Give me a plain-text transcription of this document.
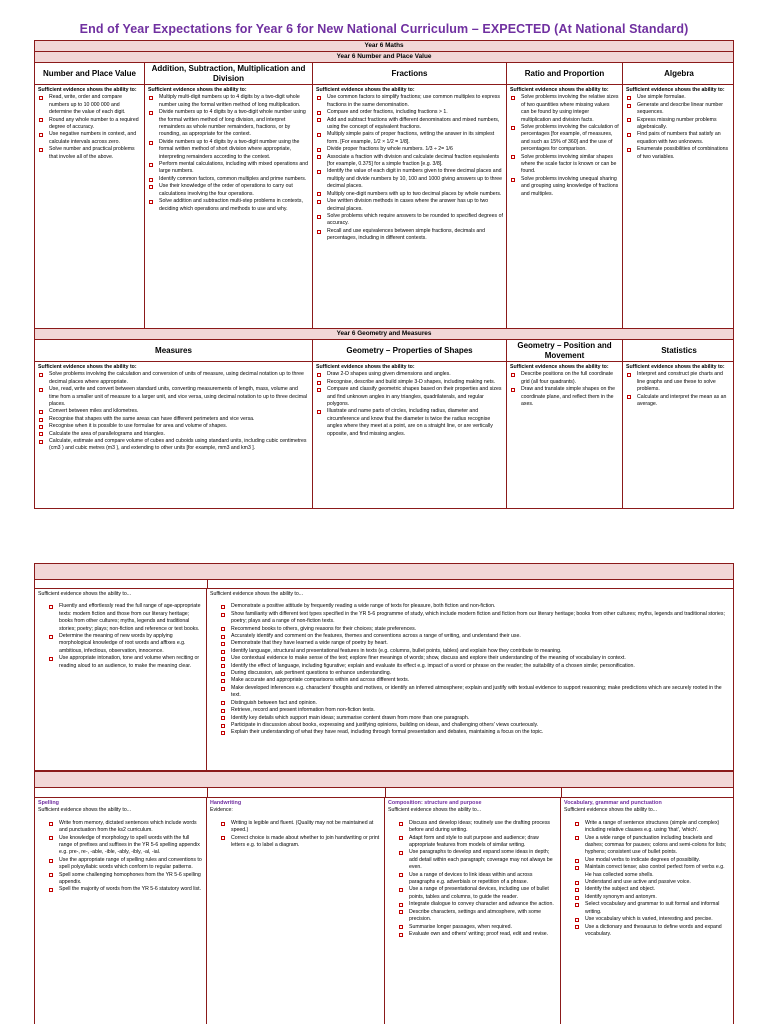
End of Year Expectations for Year 6 for New National Curriculum – EXPECTED (At National Standard)
Year 6 Maths
Year 6 Number and Place Value
Number and Place Value
Sufficient evidence shows the ability to:
Read, write, order and compare numbers up to 10 000 000 and determine the value of each digit.
Round any whole number to a required degree of accuracy.
Use negative numbers in context, and calculate intervals across zero.
Solve number and practical problems that involve all of the above.
Addition, Subtraction, Multiplication and Division
Sufficient evidence shows the ability to:
Multiply multi-digit numbers up to 4 digits by a two-digit whole number using the formal written method of long multiplication.
Divide numbers up to 4 digits by a two-digit whole number using the formal written method of long division, and interpret remainders as whole number remainders, fractions, or by rounding, as appropriate for the context.
Divide numbers up to 4 digits by a two-digit number using the formal written method of short division where appropriate, interpreting remainders according to the context.
Perform mental calculations, including with mixed operations and large numbers.
Identify common factors, common multiples and prime numbers.
Use their knowledge of the order of operations to carry out calculations involving the four operations.
Solve addition and subtraction multi-step problems in contexts, deciding which operations and methods to use and why.
Fractions
Sufficient evidence shows the ability to:
Use common factors to simplify fractions; use common multiples to express fractions in the same denomination.
Compare and order fractions, including fractions > 1.
Add and subtract fractions with different denominators and mixed numbers, using the concept of equivalent fractions.
Multiply simple pairs of proper fractions, writing the answer in its simplest form. [For example, 1/2 × 1/2 = 1/8].
Divide proper fractions by whole numbers. 1/3 ÷ 2= 1/6
Associate a fraction with division and calculate decimal fraction equivalents [for example, 0.375] for a simple fraction [e.g. 3/8].
Identify the value of each digit in numbers given to three decimal places and multiply and divide numbers by 10, 100 and 1000 giving answers up to three decimal places.
Multiply one-digit numbers with up to two decimal places by whole numbers.
Use written division methods in cases where the answer has up to two decimal places.
Solve problems which require answers to be rounded to specified degrees of accuracy.
Recall and use equivalences between simple fractions, decimals and percentages, including in different contexts.
Ratio and Proportion
Sufficient evidence shows the ability to:
Solve problems involving the relative sizes of two quantities where missing values can be found by using integer multiplication and division facts.
Solve problems involving the calculation of percentages [for example, of measures, and such as 15% of 360] and the use of percentages for comparison.
Solve problems involving similar shapes where the scale factor is known or can be found.
Solve problems involving unequal sharing and grouping using knowledge of fractions and multiples.
Algebra
Sufficient evidence shows the ability to:
Use simple formulae.
Generate and describe linear number sequences.
Express missing number problems algebraically.
Find pairs of numbers that satisfy an equation with two unknowns.
Enumerate possibilities of combinations of two variables.
Year 6 Geometry and Measures
Measures
Sufficient evidence shows the ability to:
Solve problems involving the calculation and conversion of units of measure, using decimal notation up to three decimal places where appropriate.
Use, read, write and convert between standard units, converting measurements of length, mass, volume and time from a smaller unit of measure to a larger unit, and vice versa, using decimal notation to up to three decimal places.
Convert between miles and kilometres.
Recognise that shapes with the same areas can have different perimeters and vice versa.
Recognise when it is possible to use formulae for area and volume of shapes.
Calculate the area of parallelograms and triangles.
Calculate, estimate and compare volume of cubes and cuboids using standard units, including cubic centimetres (cm3 ) and cubic metres (m3 ), and extending to other units [for example, mm3 and km3 ].
Geometry – Properties of Shapes
Sufficient evidence shows the ability to:
Draw 2-D shapes using given dimensions and angles.
Recognise, describe and build simple 3-D shapes, including making nets.
Compare and classify geometric shapes based on their properties and sizes and find unknown angles in any triangles, quadrilaterals, and regular polygons.
Illustrate and name parts of circles, including radius, diameter and circumference and know that the diameter is twice the radius recognise angles where they meet at a point, are on a straight line, or are vertically opposite, and find missing angles.
Geometry – Position and Movement
Sufficient evidence shows the ability to:
Describe positions on the full coordinate grid (all four quadrants).
Draw and translate simple shapes on the coordinate plane, and reflect them in the axes.
Statistics
Sufficient evidence shows the ability to:
Interpret and construct pie charts and line graphs and use these to solve problems.
Calculate and interpret the mean as an average.
Sufficient evidence shows the ability to...
Fluently and effortlessly read the full range of age-appropriate texts: modern fiction and those from our literary heritage; books from other cultures; myths, legends and traditional stories; poetry; plays; non-fiction and reference or text books.
Determine the meaning of new words by applying morphological knowledge of root words and affixes e.g. ambitious, infectious, observation, innocence.
Use appropriate intonation, tone and volume when reciting or reading aloud to an audience, to make the meaning clear.
Sufficient evidence shows the ability to...
Demonstrate a positive attitude by frequently reading a wide range of texts for pleasure, both fiction and non-fiction.
Show familiarity with different text types specified in the YR 5-6 programme of study, which include modern fiction and fiction from our literary heritage; books from other cultures; myths, legends and traditional stories; poetry; plays and a range of non-fiction texts.
Recommend books to others, giving reasons for their choices; state preferences.
Accurately identify and comment on the features, themes and conventions across a range of writing, and understand their use.
Demonstrate that they have learned a wide range of poetry by heart.
Identify language, structural and presentational features in texts (e.g. columns, bullet points, tables) and explain how they contribute to meaning.
Use contextual evidence to make sense of the text; explore finer meanings of words; show, discuss and explore their understanding of the meaning of vocabulary in context.
Identify the effect of language, including figurative; explain and evaluate its effect e.g. impact of a word or phrase on the reader; the suitability of a chosen simile; personification.
During discussion, ask pertinent questions to enhance understanding.
Make accurate and appropriate comparisons within and across different texts.
Make developed inferences e.g. characters' thoughts and motives, or identify an inferred atmosphere; explain and justify with textual evidence to support reasoning; make predictions which are securely rooted in the text.
Distinguish between fact and opinion.
Retrieve, record and present information from non-fiction texts.
Identify key details which support main ideas; summarise content drawn from more than one paragraph.
Participate in discussion about books, expressing and justifying opinions, building on ideas, and challenging others' views courteously.
Explain their understanding of what they have read, including through formal presentation and debates, maintaining a focus on the topic.
Spelling
Sufficient evidence shows the ability to...
Write from memory, dictated sentences which include words and punctuation from the ks2 curriculum.
Use knowledge of morphology to spell words with the full range of prefixes and suffixes in the YR 5-6 spelling appendix e.g. pre-, re-, -able, -ible, -ably, -ibly, -al, -ial.
Use the appropriate range of spelling rules and conventions to spell polysyllabic words which conform to regular patterns.
Spell some challenging homophones from the YR 5-6 spelling appendix.
Spell the majority of words from the YR 5-6 statutory word list.
Handwriting
Evidence:
Writing is legible and fluent. (Quality may not be maintained at speed.)
Correct choice is made about whether to join handwriting or print letters e.g. to label a diagram.
Composition: structure and purpose
Sufficient evidence shows the ability to...
Discuss and develop ideas; routinely use the drafting process before and during writing.
Adapt form and style to suit purpose and audience; draw appropriate features from models of similar writing.
Use paragraphs to develop and expand some ideas in depth; add detail within each paragraph; coverage may not always be even.
Use a range of devices to link ideas within and across paragraphs e.g. adverbials or repetition of a phrase.
Use a range of presentational devices, including use of bullet points, tables and columns, to guide the reader.
Integrate dialogue to convey character and advance the action.
Describe characters, settings and atmosphere, with some precision.
Summarise longer passages, when required.
Evaluate own and others' writing; proof read, edit and revise.
Vocabulary, grammar and punctuation
Sufficient evidence shows the ability to...
Write a range of sentence structures (simple and complex) including relative clauses e.g. using 'that', 'which'.
Use a wide range of punctuation including brackets and dashes; commas for pauses; colons and semi-colons for lists; hyphens; consistent use of bullet points.
Use modal verbs to indicate degrees of possibility.
Maintain correct tense; also control perfect form of verbs e.g. He has collected some shells.
Understand and use active and passive voice.
Identify the subject and object.
Identify synonym and antonym.
Select vocabulary and grammar to suit formal and informal writing.
Use vocabulary which is varied, interesting and precise.
Use a dictionary and thesaurus to define words and expand vocabulary.
